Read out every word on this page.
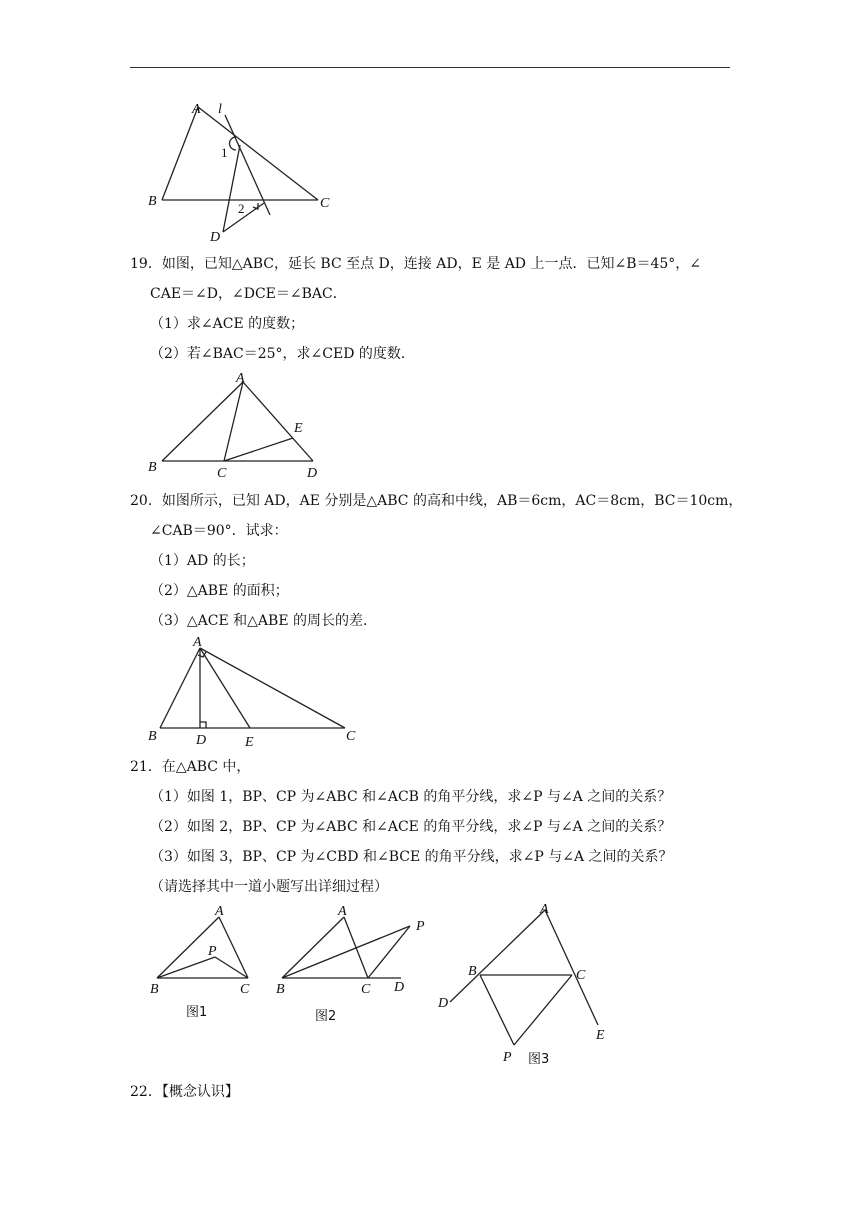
A l
1
2
B	C
D
19．如图，已知△ABC，延长 BC 至点 D，连接 AD，E 是 AD 上一点．已知∠B＝45°，∠
CAE＝∠D，∠DCE＝∠BAC．
（1）求∠ACE 的度数；
（2）若∠BAC＝25°，求∠CED 的度数．
A
E
B	C	D
20．如图所示，已知 AD，AE 分别是△ABC 的高和中线，AB＝6cm，AC＝8cm，BC＝10cm，
∠CAB＝90°．试求：
（1）AD 的长；
（2）△ABE 的面积；
（3）△ACE 和△ABE 的周长的差．
A
B	D	E	C
21．在△ABC 中，
（1）如图 1，BP、CP 为∠ABC 和∠ACB 的角平分线，求∠P 与∠A 之间的关系？
（2）如图 2，BP、CP 为∠ABC 和∠ACE 的角平分线，求∠P 与∠A 之间的关系？
（3）如图 3，BP、CP 为∠CBD 和∠BCE 的角平分线，求∠P 与∠A 之间的关系？
（请选择其中一道小题写出详细过程）
A
P
B	C
图1
A
P
B	C D
图2
A
B	C
D
E
P 图3
22．【概念认识】
